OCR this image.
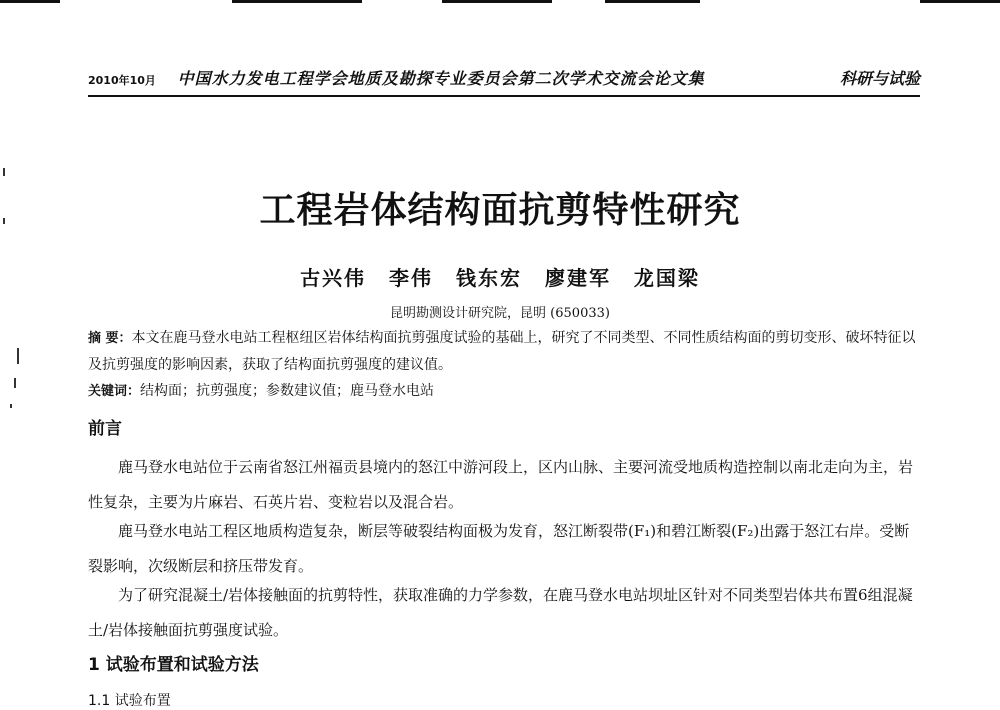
2010年10月 中国水力发电工程学会地质及勘探专业委员会第二次学术交流会论文集	科研与试验
工程岩体结构面抗剪特性研究
古兴伟 李伟 钱东宏 廖建军 龙国梁
昆明勘测设计研究院，昆明 (650033)

摘 要：本文在鹿马登水电站工程枢纽区岩体结构面抗剪强度试验的基础上，研究了不同类型、不同性质结构面的剪切变形、破坏特征以及抗剪强度的影响因素，获取了结构面抗剪强度的建议值。

关键词：结构面；抗剪强度；参数建议值；鹿马登水电站

前言

鹿马登水电站位于云南省怒江州福贡县境内的怒江中游河段上，区内山脉、主要河流受地质构造控制以南北走向为主，岩性复杂，主要为片麻岩、石英片岩、变粒岩以及混合岩。

鹿马登水电站工程区地质构造复杂，断层等破裂结构面极为发育，怒江断裂带(F₁)和碧江断裂(F₂)出露于怒江右岸。受断裂影响，次级断层和挤压带发育。

为了研究混凝土/岩体接触面的抗剪特性，获取准确的力学参数，在鹿马登水电站坝址区针对不同类型岩体共布置6组混凝土/岩体接触面抗剪强度试验。

1 试验布置和试验方法
1.1 试验布置
